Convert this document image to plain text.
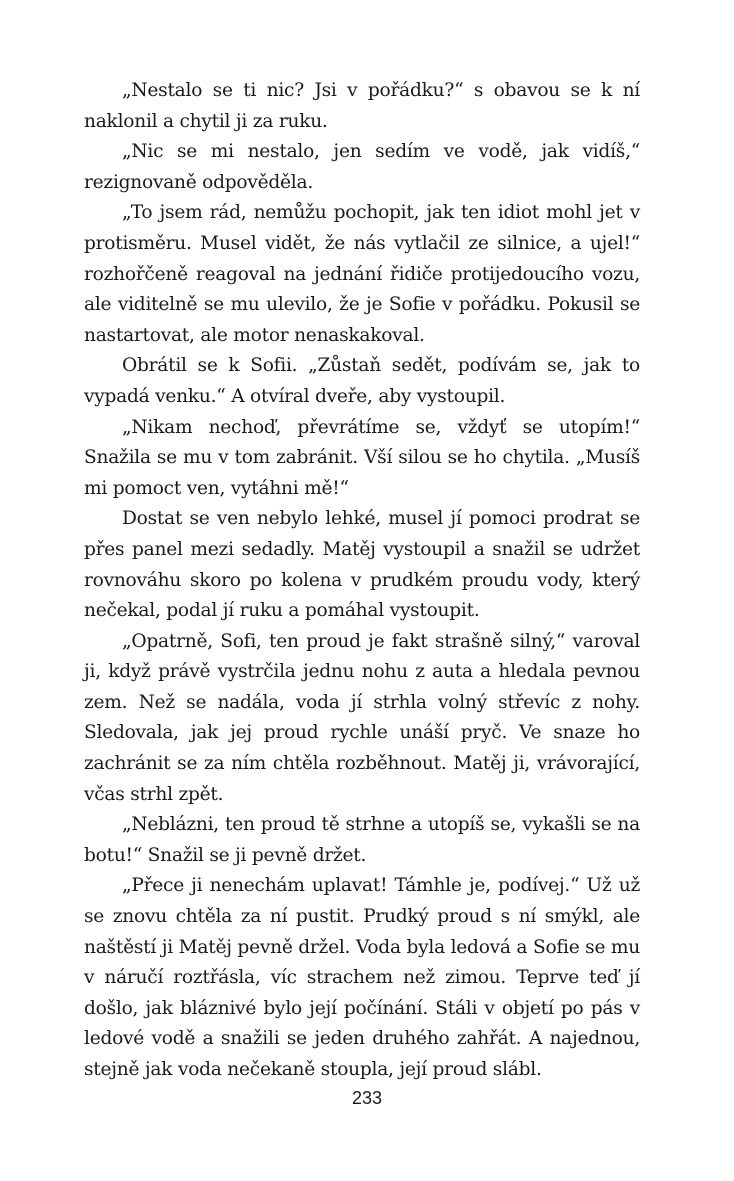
„Nestalo se ti nic? Jsi v pořádku?“ s obavou se k ní naklonil a chytil ji za ruku.

„Nic se mi nestalo, jen sedím ve vodě, jak vidíš,“ rezignovaně odpověděla.

„To jsem rád, nemůžu pochopit, jak ten idiot mohl jet v protisměru. Musel vidět, že nás vytlačil ze silnice, a ujel!“ rozhořčeně reagoval na jednání řidiče protijedoucího vozu, ale viditelně se mu ulevilo, že je Sofie v pořádku. Pokusil se nastartovat, ale motor nenaskakoval.

Obrátil se k Sofii. „Zůstaň sedět, podívám se, jak to vypadá venku.“ A otvíral dveře, aby vystoupil.

„Nikam nechoď, převrátíme se, vždyť se utopím!“ Snažila se mu v tom zabránit. Vší silou se ho chytila. „Musíš mi pomoct ven, vytáhni mě!“

Dostat se ven nebylo lehké, musel jí pomoci prodrat se přes panel mezi sedadly. Matěj vystoupil a snažil se udržet rovnováhu skoro po kolena v prudkém proudu vody, který nečekal, podal jí ruku a pomáhal vystoupit.

„Opatrně, Sofi, ten proud je fakt strašně silný,“ varoval ji, když právě vystrčila jednu nohu z auta a hledala pevnou zem. Než se nadála, voda jí strhla volný střevíc z nohy. Sledovala, jak jej proud rychle unáší pryč. Ve snaze ho zachránit se za ním chtěla rozběhnout. Matěj ji, vrávorající, včas strhl zpět.

„Neblázni, ten proud tě strhne a utopíš se, vykašli se na botu!“ Snažil se ji pevně držet.

„Přece ji nenechám uplavat! Támhle je, podívej.“ Už už se znovu chtěla za ní pustit. Prudký proud s ní smýkl, ale naštěstí ji Matěj pevně držel. Voda byla ledová a Sofie se mu v náručí roztřásla, víc strachem než zimou. Teprve teď jí došlo, jak bláznivé bylo její počínání. Stáli v objetí po pás v ledové vodě a snažili se jeden druhého zahřát. A najednou, stejně jak voda nečekaně stoupla, její proud slábl.

233
